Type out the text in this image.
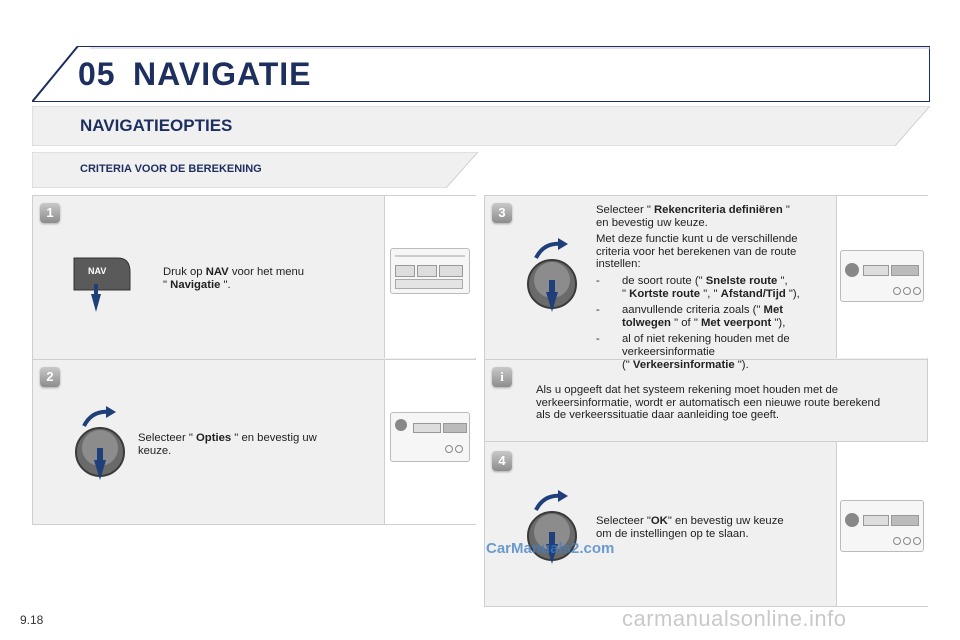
05 NAVIGATIE
NAVIGATIEOPTIES
CRITERIA VOOR DE BEREKENING
1
NAV	Druk op NAV voor het menu
" Navigatie ".
2
Selecteer " Opties " en bevestig uw
keuze.
3	Selecteer " Rekencriteria definiëren "
en bevestig uw keuze.
Met deze functie kunt u de verschillende criteria voor het berekenen van de route instellen:
- de soort route (" Snelste route ",
" Kortste route ", " Afstand/Tijd "),
- aanvullende criteria zoals (" Met
tolwegen " of " Met veerpont "),
- al of niet rekening houden met de verkeersinformatie
(" Verkeersinformatie ").
i
Als u opgeeft dat het systeem rekening moet houden met de verkeersinformatie, wordt er automatisch een nieuwe route berekend als de verkeerssituatie daar aanleiding toe geeft.
4
Selecteer "OK" en bevestig uw keuze
om de instellingen op te slaan.
CarManuals2.com
9.18	carmanualsonline.info
